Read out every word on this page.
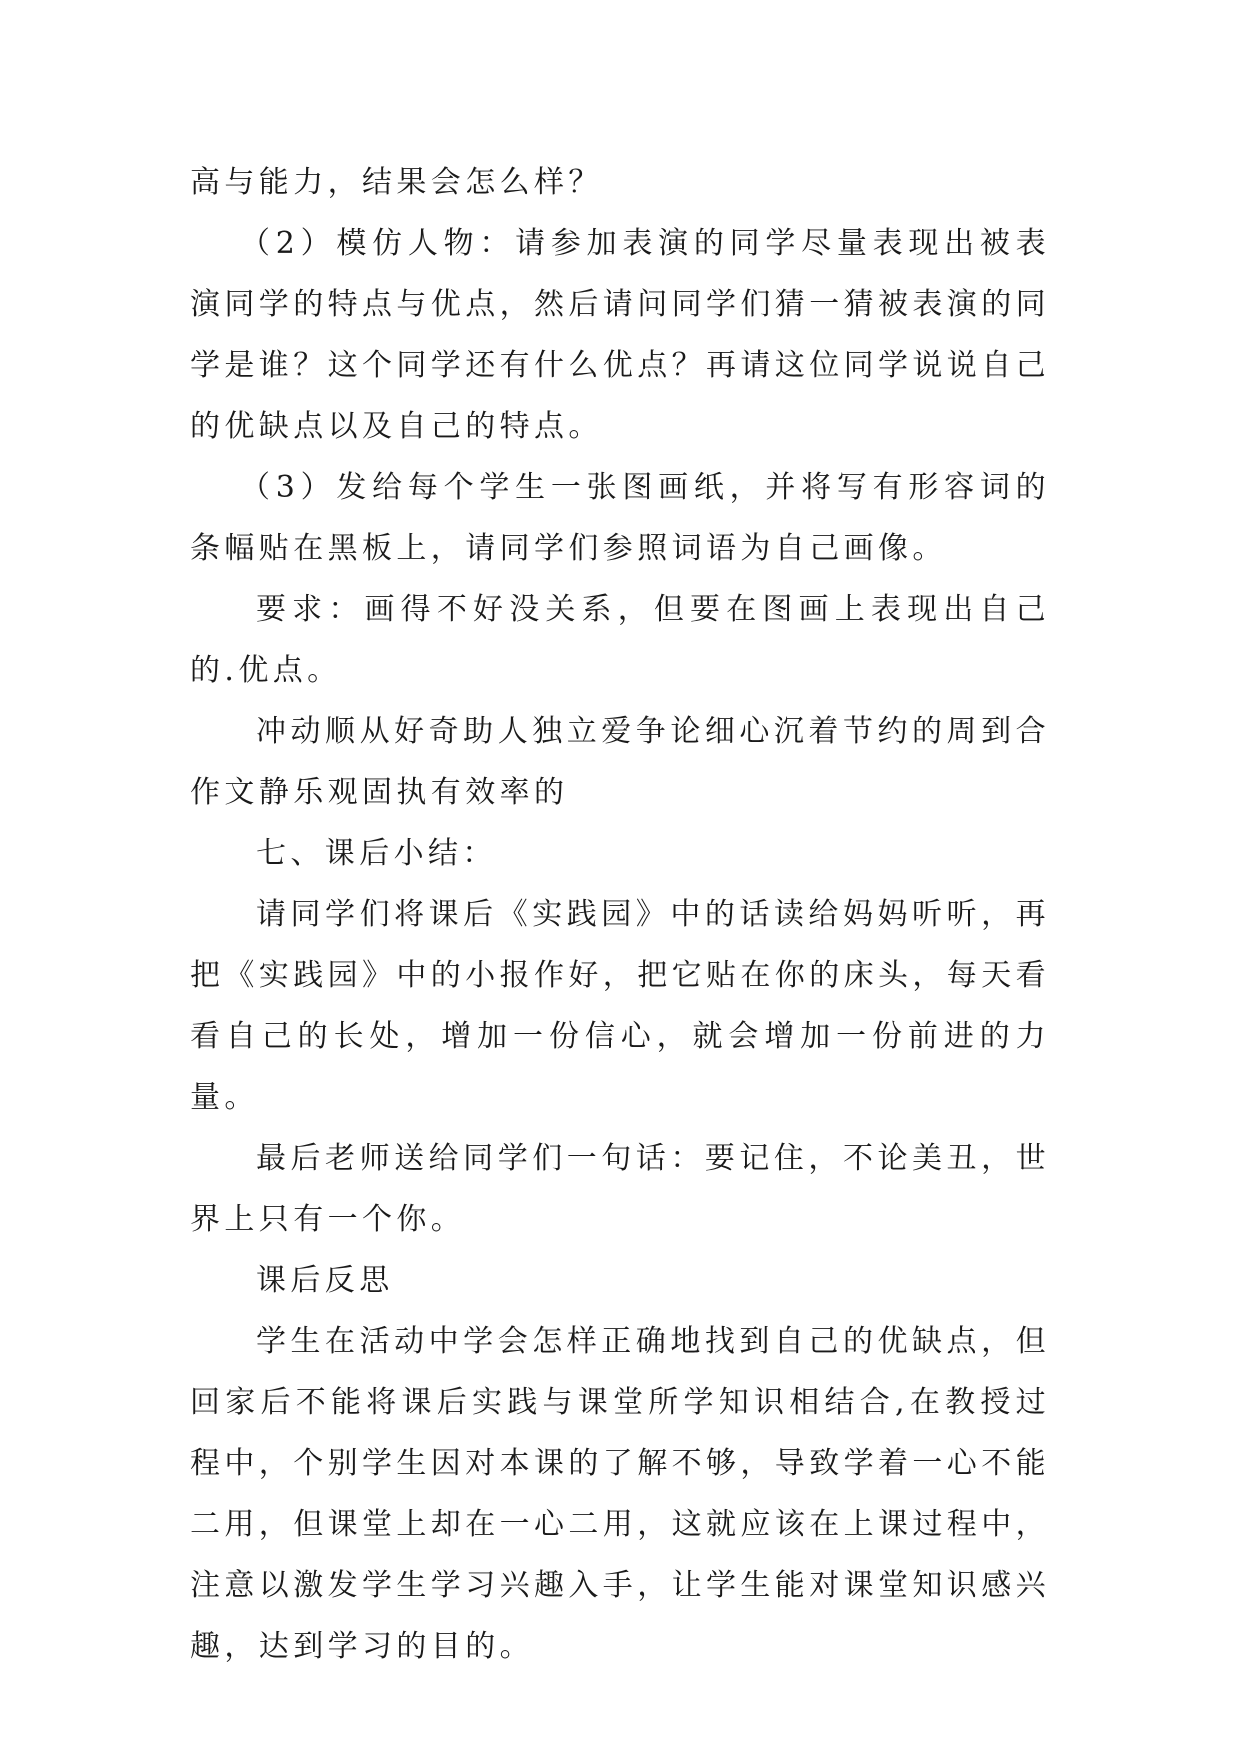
高与能力，结果会怎么样？

（2）模仿人物：请参加表演的同学尽量表现出被表演同学的特点与优点，然后请问同学们猜一猜被表演的同学是谁？这个同学还有什么优点？再请这位同学说说自己的优缺点以及自己的特点。

（3）发给每个学生一张图画纸，并将写有形容词的条幅贴在黑板上，请同学们参照词语为自己画像。

要求：画得不好没关系，但要在图画上表现出自己的.优点。

冲动顺从好奇助人独立爱争论细心沉着节约的周到合作文静乐观固执有效率的

七、课后小结：

请同学们将课后《实践园》中的话读给妈妈听听，再把《实践园》中的小报作好，把它贴在你的床头，每天看看自己的长处，增加一份信心，就会增加一份前进的力量。

最后老师送给同学们一句话：要记住，不论美丑，世界上只有一个你。

课后反思

学生在活动中学会怎样正确地找到自己的优缺点，但回家后不能将课后实践与课堂所学知识相结合,在教授过程中，个别学生因对本课的了解不够，导致学着一心不能二用，但课堂上却在一心二用，这就应该在上课过程中，注意以激发学生学习兴趣入手，让学生能对课堂知识感兴趣，达到学习的目的。
